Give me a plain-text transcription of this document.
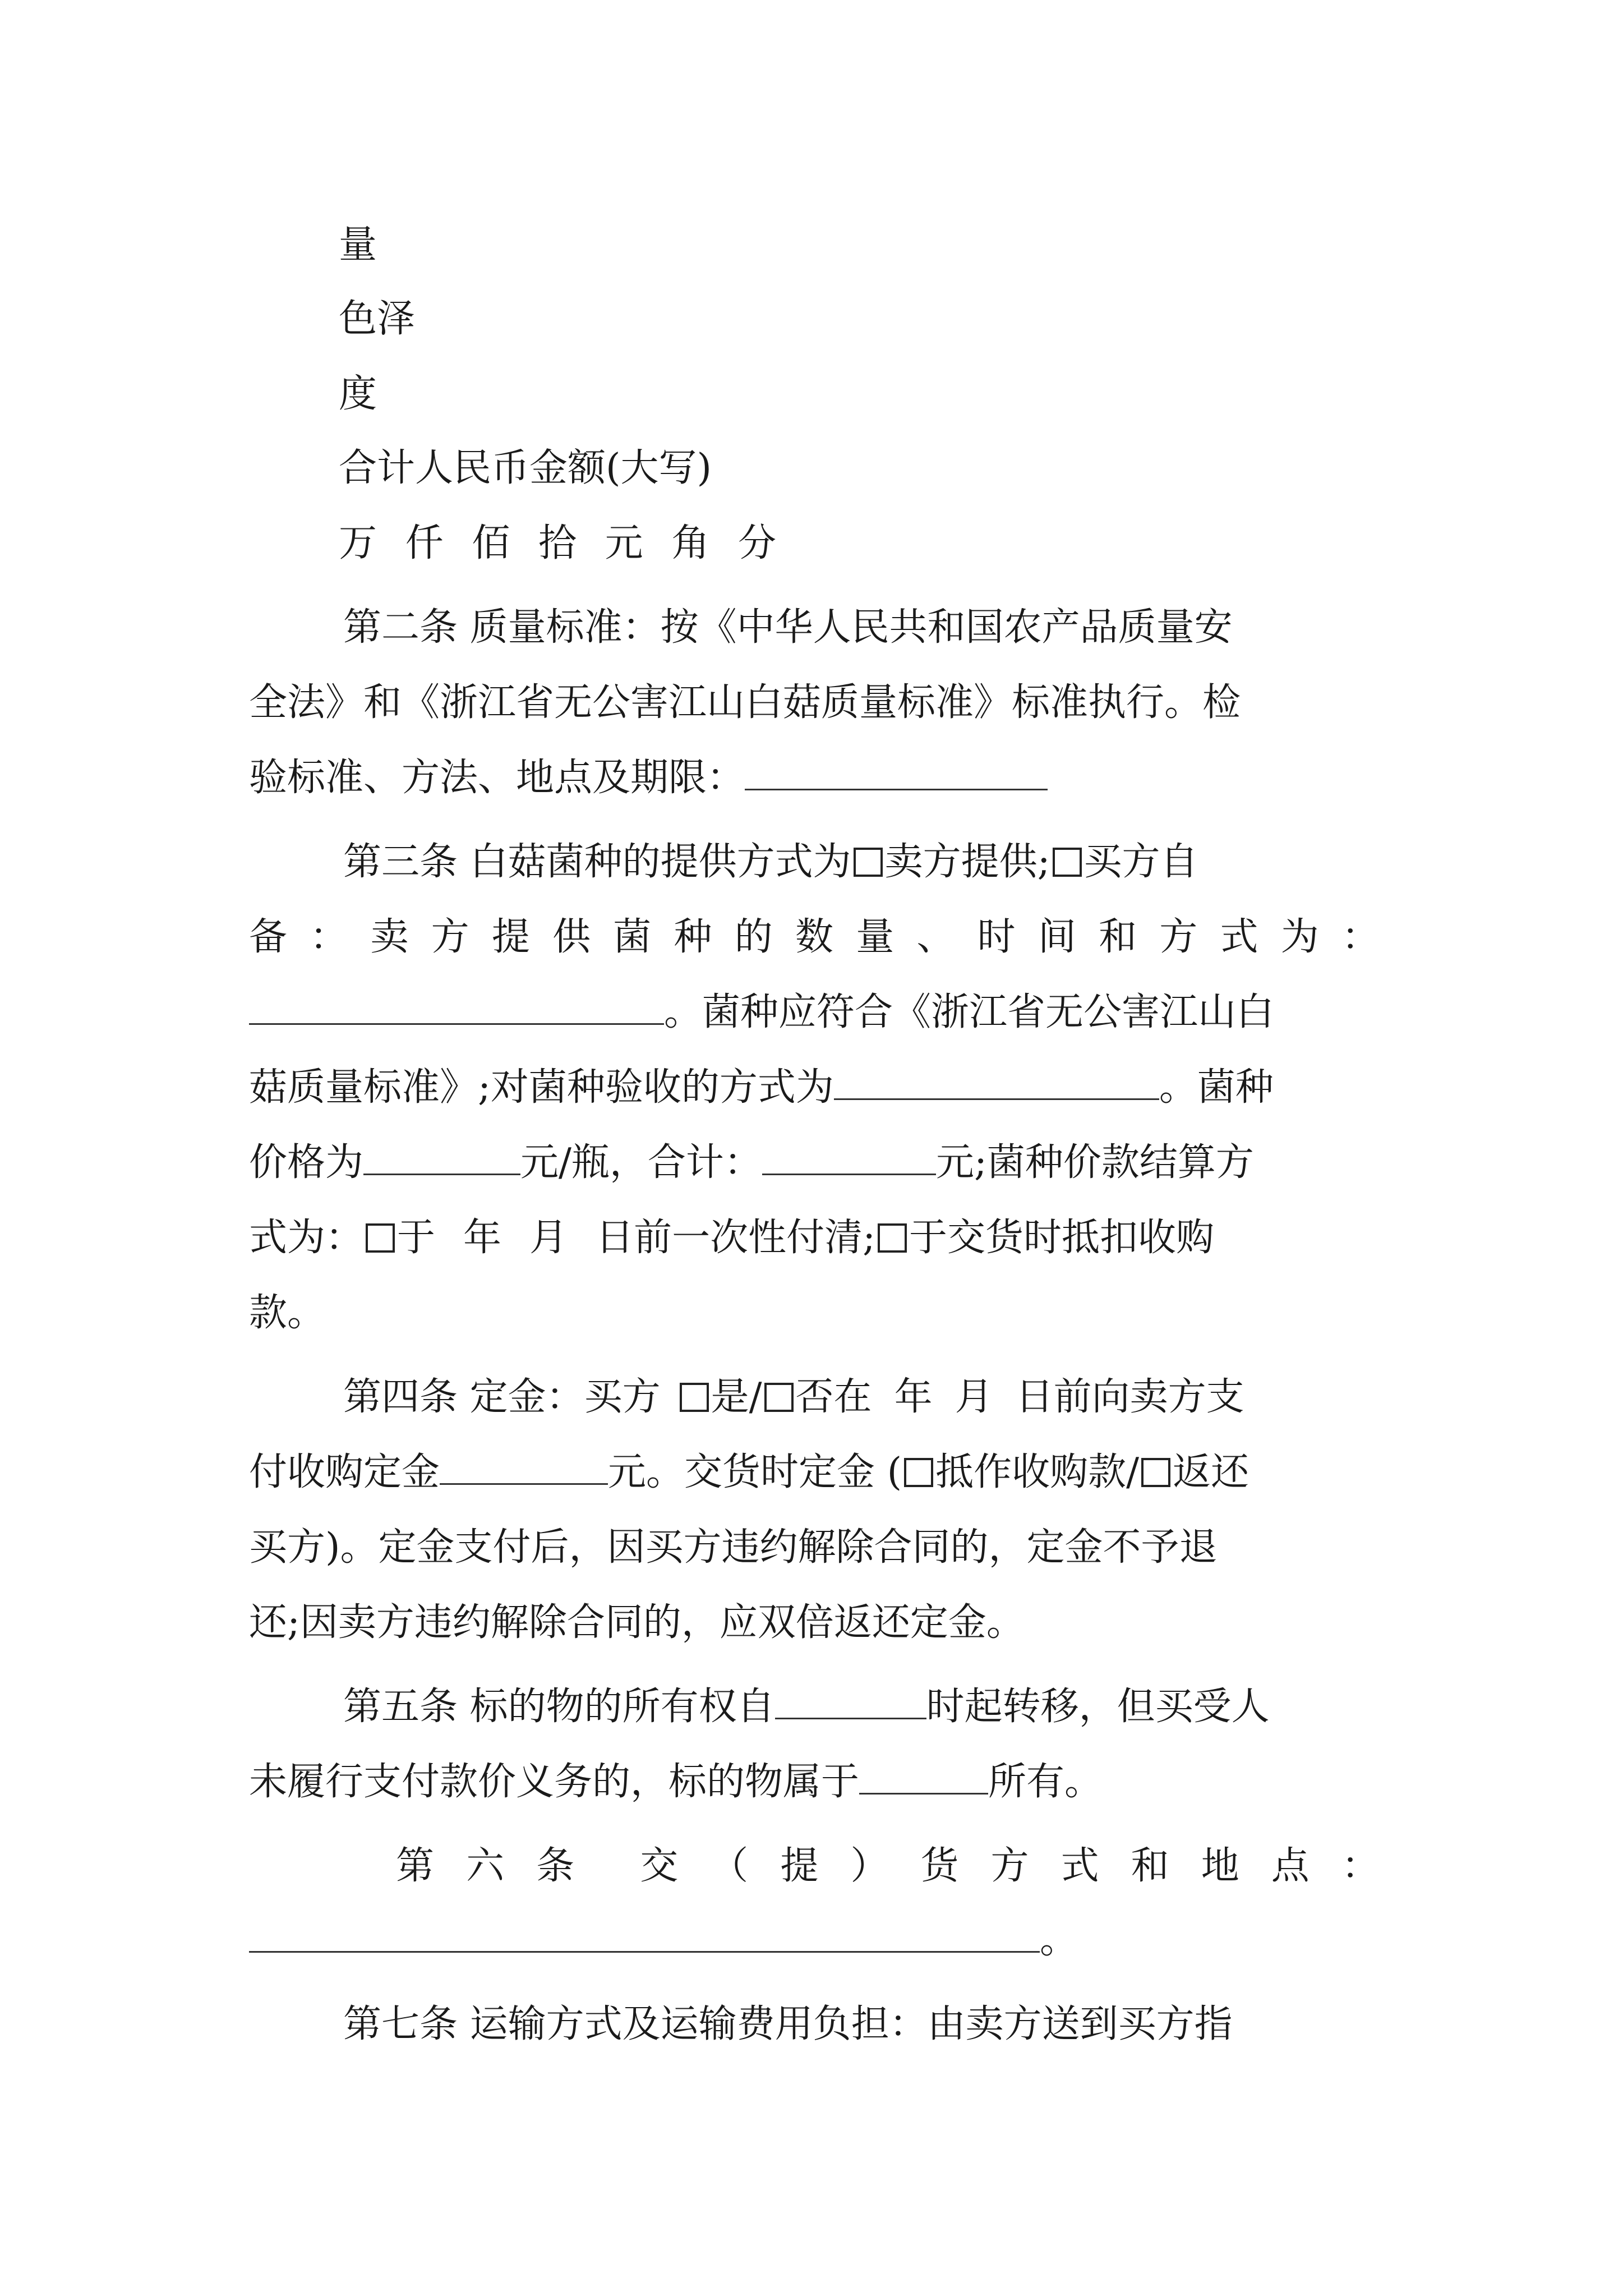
量
色泽
度
合计人民币金额(大写)
万 仟 佰 拾 元 角 分
第二条 质量标准：按《中华人民共和国农产品质量安
全法》和《浙江省无公害江山白菇质量标准》标准执行。检
验标准、方法、地点及期限：
第三条 白菇菌种的提供方式为 卖方提供; 买方自
备 ： 卖 方 提 供 菌 种 的 数 量 、 时 间 和 方 式 为 ：
。菌种应符合《浙江省无公害江山白
菇质量标准》;对菌种验收的方式为	。菌种
价格为	元/瓶，合计：	元;菌种价款结算方
式为： 于 年 月 日前一次性付清; 于交货时抵扣收购
款。
第四条 定金：买方 是/ 否在 年 月 日前向卖方支
付收购定金	元。交货时定金 ( 抵作收购款/ 返还
买方)。定金支付后，因买方违约解除合同的，定金不予退
还;因卖方违约解除合同的，应双倍返还定金。
第五条 标的物的所有权自	时起转移，但买受人
未履行支付款价义务的，标的物属于	所有。
第 六 条 交 （ 提 ） 货 方 式 和 地 点 ：
。
第七条 运输方式及运输费用负担：由卖方送到买方指
